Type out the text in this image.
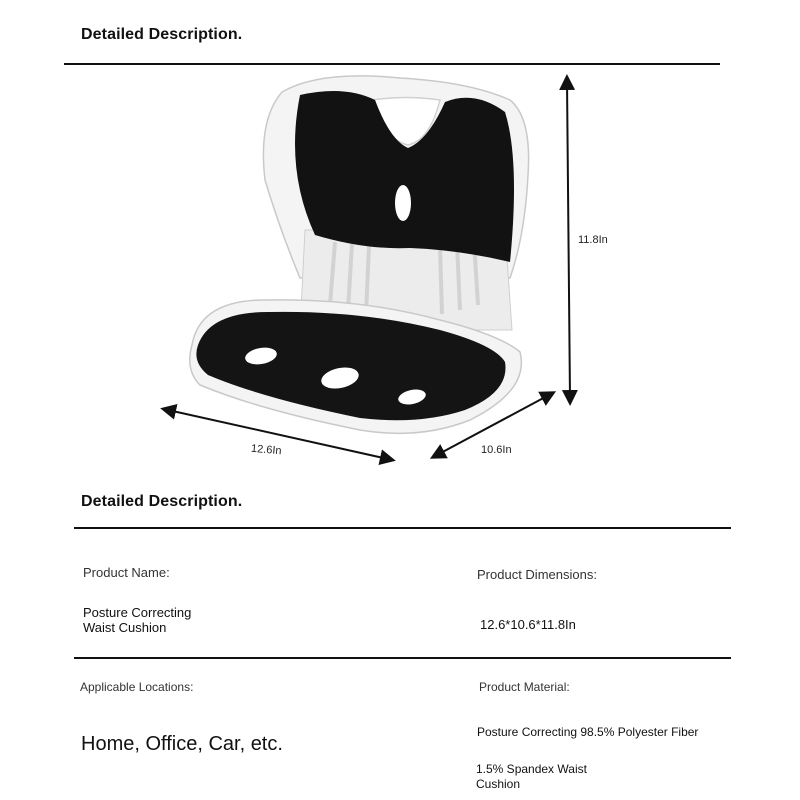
Detailed Description.
11.8In
12.6In	10.6In
Detailed Description.
Product Name:
Posture Correcting
Waist Cushion
Product Dimensions:
12.6*10.6*11.8In
Applicable Locations:
Home, Office, Car, etc.
Product Material:
Posture Correcting 98.5% Polyester Fiber
1.5% Spandex Waist
Cushion
